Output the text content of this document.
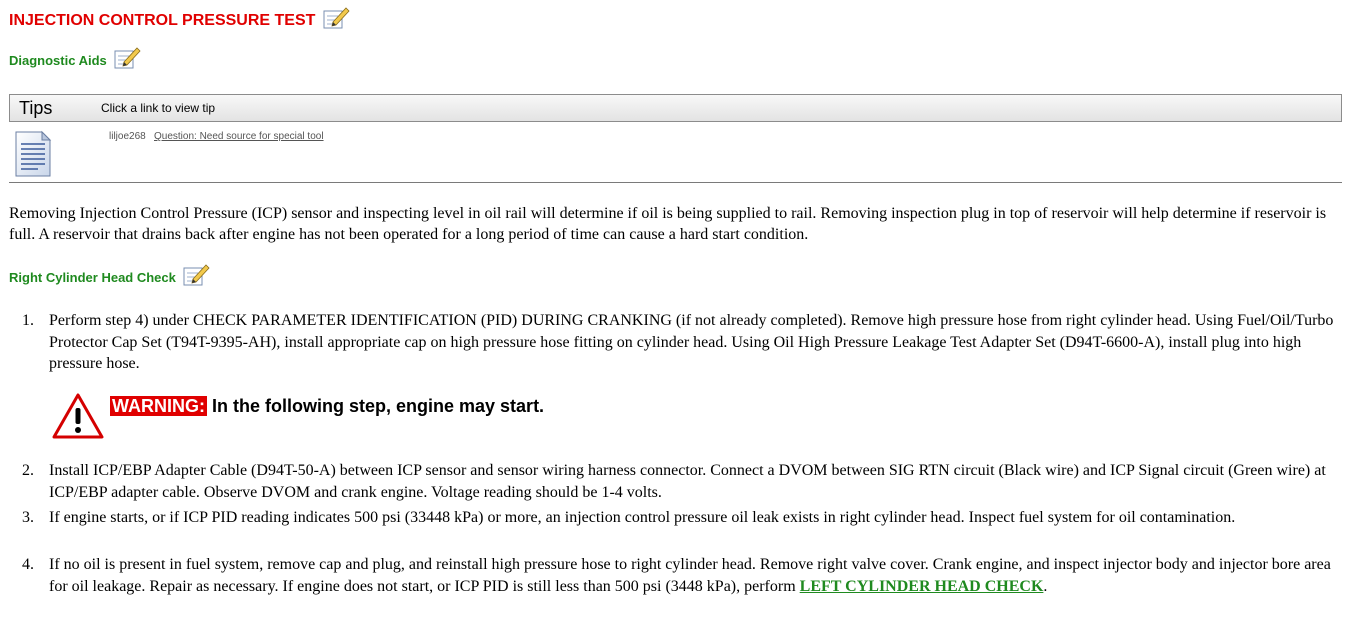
INJECTION CONTROL PRESSURE TEST
Diagnostic Aids
Tips	Click a link to view tip
liljoe268 Question: Need source for special tool
Removing Injection Control Pressure (ICP) sensor and inspecting level in oil rail will determine if oil is being supplied to rail. Removing inspection plug in top of reservoir will help determine if reservoir is full. A reservoir that drains back after engine has not been operated for a long period of time can cause a hard start condition.
Right Cylinder Head Check
1. Perform step 4) under CHECK PARAMETER IDENTIFICATION (PID) DURING CRANKING (if not already completed). Remove high pressure hose from right cylinder head. Using Fuel/Oil/Turbo Protector Cap Set (T94T-9395-AH), install appropriate cap on high pressure hose fitting on cylinder head. Using Oil High Pressure Leakage Test Adapter Set (D94T-6600-A), install plug into high pressure hose.
WARNING: In the following step, engine may start.
2. Install ICP/EBP Adapter Cable (D94T-50-A) between ICP sensor and sensor wiring harness connector. Connect a DVOM between SIG RTN circuit (Black wire) and ICP Signal circuit (Green wire) at ICP/EBP adapter cable. Observe DVOM and crank engine. Voltage reading should be 1-4 volts.
3. If engine starts, or if ICP PID reading indicates 500 psi (33448 kPa) or more, an injection control pressure oil leak exists in right cylinder head. Inspect fuel system for oil contamination.
4. If no oil is present in fuel system, remove cap and plug, and reinstall high pressure hose to right cylinder head. Remove right valve cover. Crank engine, and inspect injector body and injector bore area for oil leakage. Repair as necessary. If engine does not start, or ICP PID is still less than 500 psi (3448 kPa), perform LEFT CYLINDER HEAD CHECK.
